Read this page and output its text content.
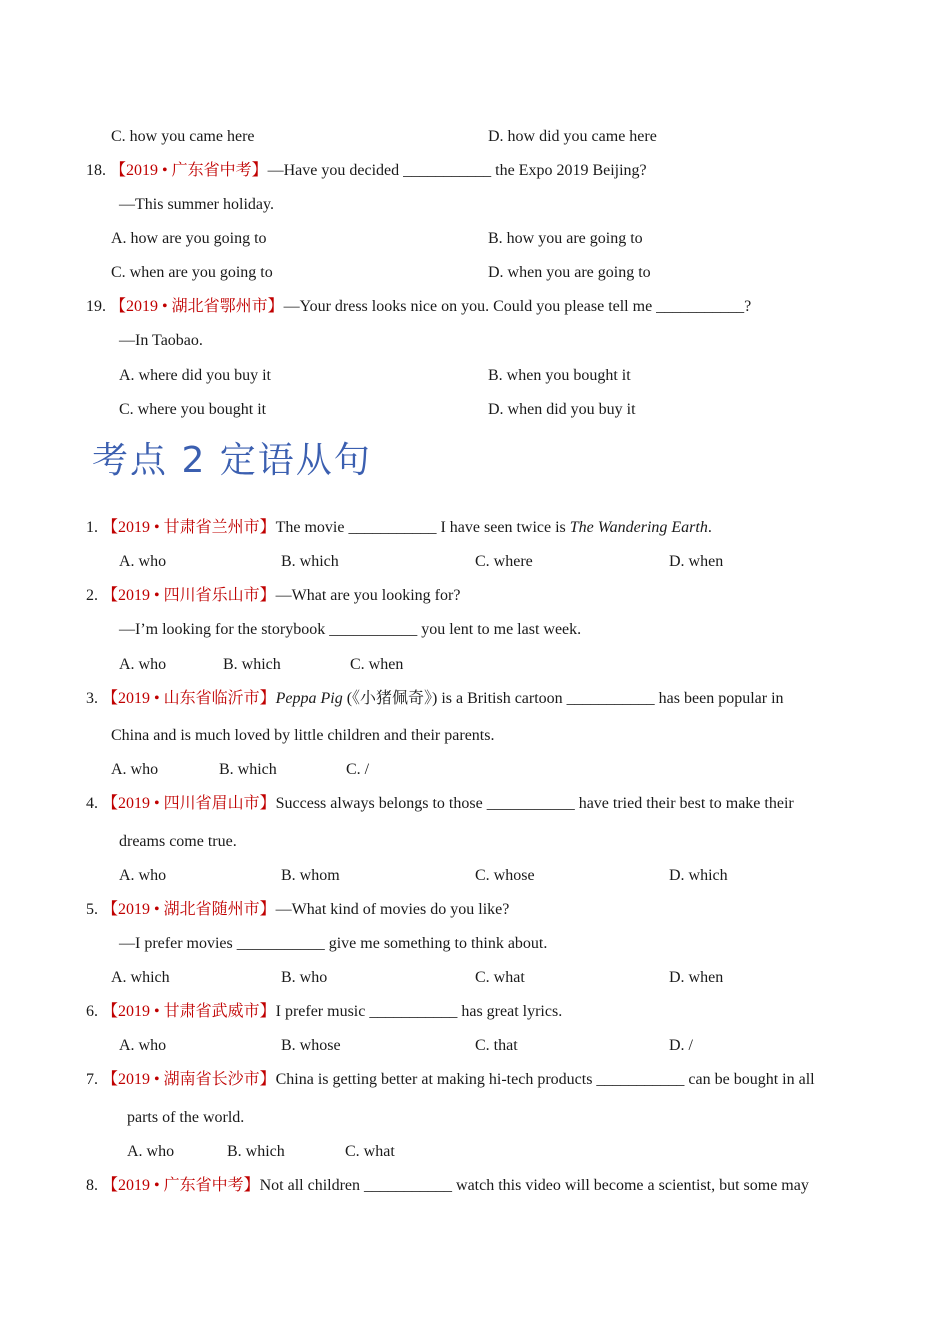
C. how you came here	D. how did you came here
18. 【2019 • 广东省中考】—Have you decided ___________ the Expo 2019 Beijing?
—This summer holiday.
A. how are you going to	B. how you are going to
C. when are you going to	D. when you are going to
19. 【2019 • 湖北省鄂州市】—Your dress looks nice on you. Could you please tell me ___________?
—In Taobao.
A. where did you buy it	B. when you bought it
C. where you bought it	D. when did you buy it
考点 2 定语从句
1. 【2019 • 甘肃省兰州市】The movie ___________ I have seen twice is The Wandering Earth.
A. who	B. which	C. where	D. when
2. 【2019 • 四川省乐山市】—What are you looking for?
—I’m looking for the storybook ___________ you lent to me last week.
A. who	B. which	C. when
3. 【2019 • 山东省临沂市】Peppa Pig (《小猪佩奇》) is a British cartoon ___________ has been popular in
China and is much loved by little children and their parents.
A. who	B. which	C. /
4. 【2019 • 四川省眉山市】Success always belongs to those ___________ have tried their best to make their
dreams come true.
A. who	B. whom	C. whose	D. which
5. 【2019 • 湖北省随州市】—What kind of movies do you like?
—I prefer movies ___________ give me something to think about.
A. which	B. who	C. what	D. when
6. 【2019 • 甘肃省武威市】I prefer music ___________ has great lyrics.
A. who	B. whose	C. that	D. /
7. 【2019 • 湖南省长沙市】China is getting better at making hi-tech products ___________ can be bought in all
parts of the world.
A. who	B. which	C. what
8. 【2019 • 广东省中考】Not all children ___________ watch this video will become a scientist, but some may
